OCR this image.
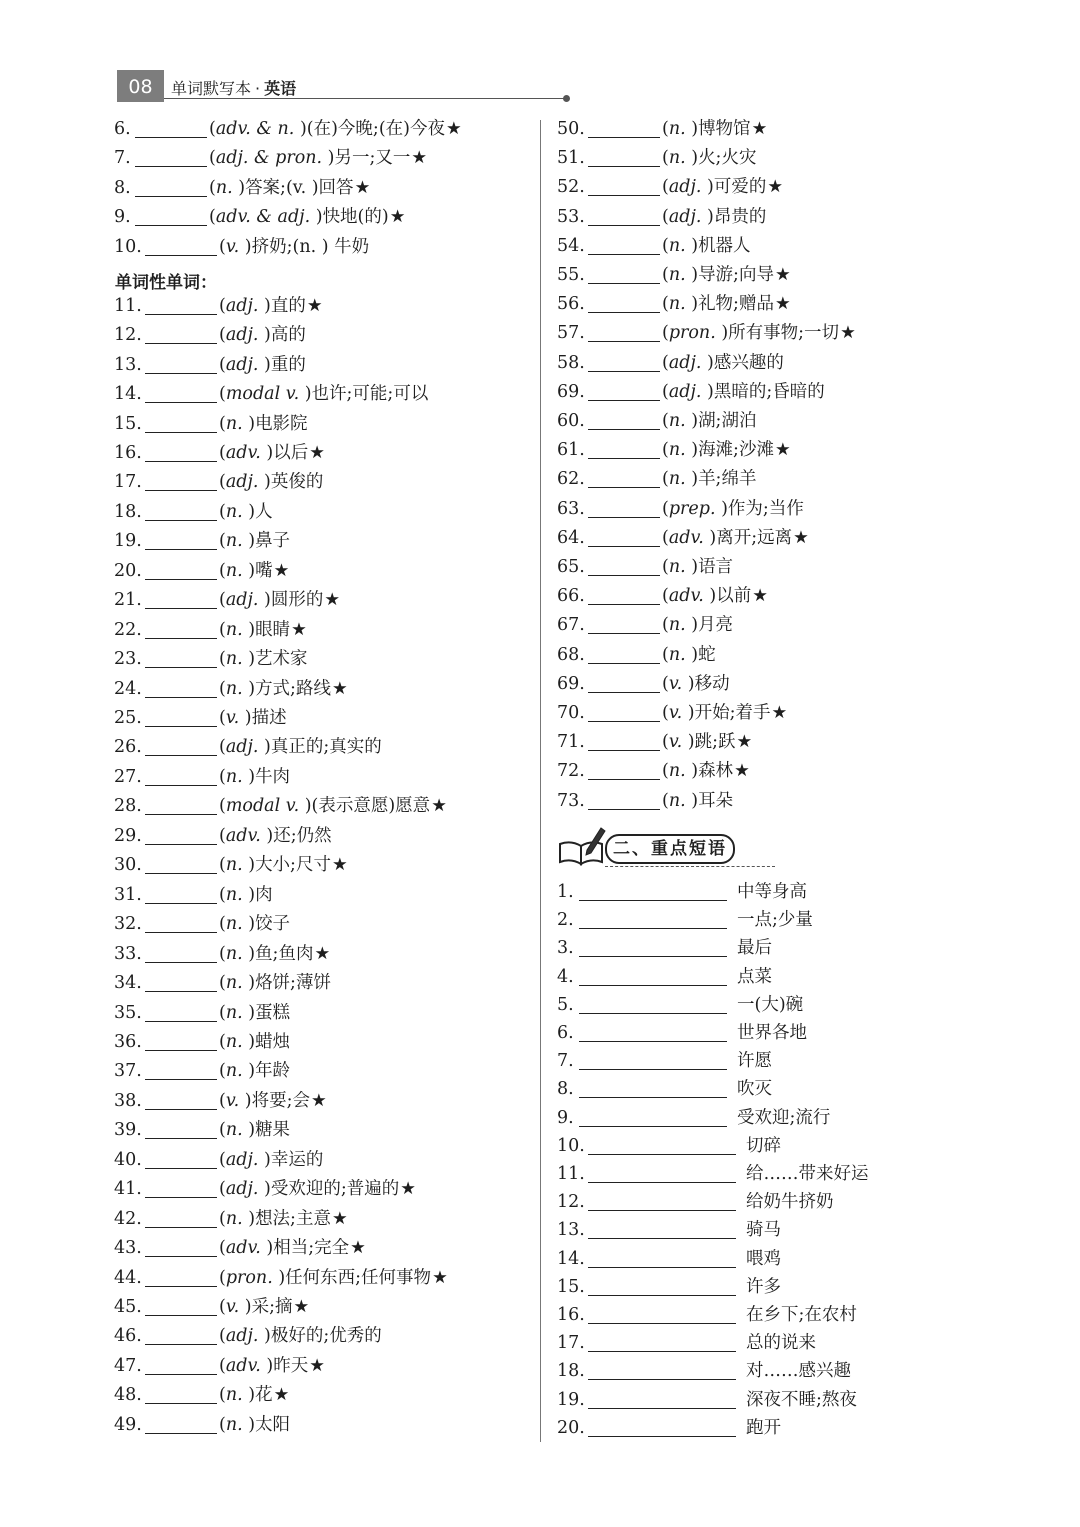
08	单词默写本 · 英语
单词性单词：
二、重点短语
6.	(adv. & n. )(在)今晚;(在)今夜★
7.	(adj. & pron. )另一;又一★
8.	(n. )答案;(v. )回答★
9.	(adv. & adj. )快地(的)★
10.	(v. )挤奶;(n. ) 牛奶
11.	(adj. )直的★
12.	(adj. )高的
13.	(adj. )重的
14.	(modal v. )也许;可能;可以
15.	(n. )电影院
16.	(adv. )以后★
17.	(adj. )英俊的
18.	(n. )人
19.	(n. )鼻子
20.	(n. )嘴★
21.	(adj. )圆形的★
22.	(n. )眼睛★
23.	(n. )艺术家
24.	(n. )方式;路线★
25.	(v. )描述
26.	(adj. )真正的;真实的
27.	(n. )牛肉
28.	(modal v. )(表示意愿)愿意★
29.	(adv. )还;仍然
30.	(n. )大小;尺寸★
31.	(n. )肉
32.	(n. )饺子
33.	(n. )鱼;鱼肉★
34.	(n. )烙饼;薄饼
35.	(n. )蛋糕
36.	(n. )蜡烛
37.	(n. )年龄
38.	(v. )将要;会★
39.	(n. )糖果
40.	(adj. )幸运的
41.	(adj. )受欢迎的;普遍的★
42.	(n. )想法;主意★
43.	(adv. )相当;完全★
44.	(pron. )任何东西;任何事物★
45.	(v. )采;摘★
46.	(adj. )极好的;优秀的
47.	(adv. )昨天★
48.	(n. )花★
49.	(n. )太阳
50.	(n. )博物馆★
51.	(n. )火;火灾
52.	(adj. )可爱的★
53.	(adj. )昂贵的
54.	(n. )机器人
55.	(n. )导游;向导★
56.	(n. )礼物;赠品★
57.	(pron. )所有事物;一切★
58.	(adj. )感兴趣的
69.	(adj. )黑暗的;昏暗的
60.	(n. )湖;湖泊
61.	(n. )海滩;沙滩★
62.	(n. )羊;绵羊
63.	(prep. )作为;当作
64.	(adv. )离开;远离★
65.	(n. )语言
66.	(adv. )以前★
67.	(n. )月亮
68.	(n. )蛇
69.	(v. )移动
70.	(v. )开始;着手★
71.	(v. )跳;跃★
72.	(n. )森林★
73.	(n. )耳朵
1.	中等身高
2.	一点;少量
3.	最后
4.	点菜
5.	一(大)碗
6.	世界各地
7.	许愿
8.	吹灭
9.	受欢迎;流行
10.	切碎
11.	给……带来好运
12.	给奶牛挤奶
13.	骑马
14.	喂鸡
15.	许多
16.	在乡下;在农村
17.	总的说来
18.	对……感兴趣
19.	深夜不睡;熬夜
20.	跑开
